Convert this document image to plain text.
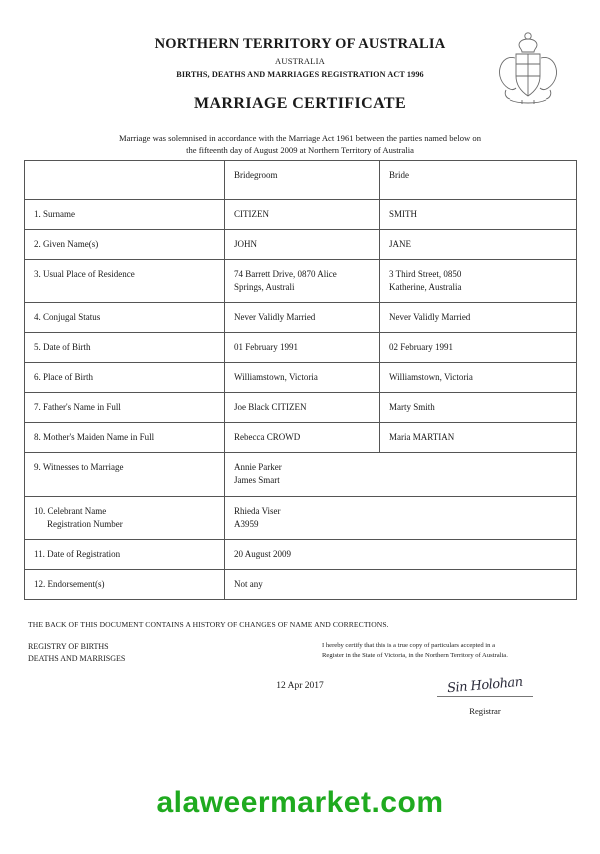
NORTHERN TERRITORY OF AUSTRALIA

AUSTRALIA

BIRTHS, DEATHS AND MARRIAGES REGISTRATION ACT 1996

MARRIAGE CERTIFICATE

Marriage was solemnised in accordance with the Marriage Act 1961 between the parties named below on
the fifteenth day of August 2009 at Northern Territory of Australia

	Bridegroom	Bride

1. Surname	CITIZEN	SMITH

2. Given Name(s)	JOHN	JANE

3. Usual Place of Residence	74 Barrett Drive, 0870 Alice
Springs, Australi	3 Third Street, 0850
Katherine, Australia

4. Conjugal Status	Never Validly Married	Never Validly Married

5. Date of Birth	01 February 1991	02 February 1991

6. Place of Birth	Williamstown, Victoria	Williamstown, Victoria

7. Father's Name in Full	Joe Black CITIZEN	Marty Smith

8. Mother's Maiden Name in Full	Rebecca CROWD	Maria MARTIAN

9. Witnesses to Marriage	Annie Parker
James Smart	

10. Celebrant Name
Registration Number	Rhieda Viser
A3959	

11. Date of Registration	20 August 2009	

12. Endorsement(s)	Not any	
THE BACK OF THIS DOCUMENT CONTAINS A HISTORY OF CHANGES OF NAME AND CORRECTIONS.
REGISTRY OF BIRTHS
DEATHS AND MARRISGES
I hereby certify that this is a true copy of particulars accepted in a
Register in the State of Victoria, in the Northern Territory of Australia.
12 Apr 2017	Sin Holohan
Registrar
alaweermarket.com
